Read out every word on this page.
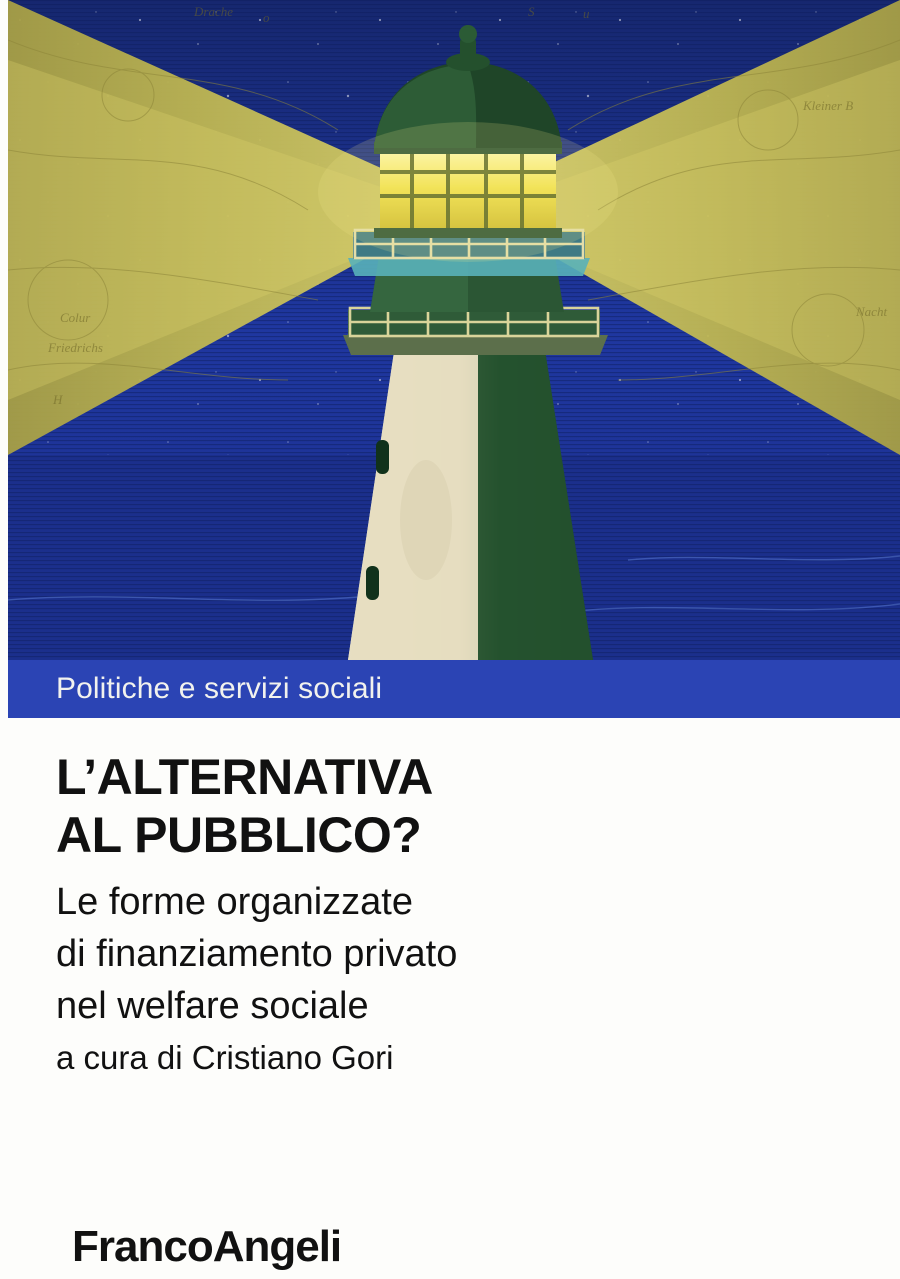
Colur
Friedrichs
H
Drache o	S	u
Kleiner B
Nacht
Politiche e servizi sociali
L’ALTERNATIVA
AL PUBBLICO?
Le forme organizzate
di finanziamento privato
nel welfare sociale
a cura di Cristiano Gori
FrancoAngeli
